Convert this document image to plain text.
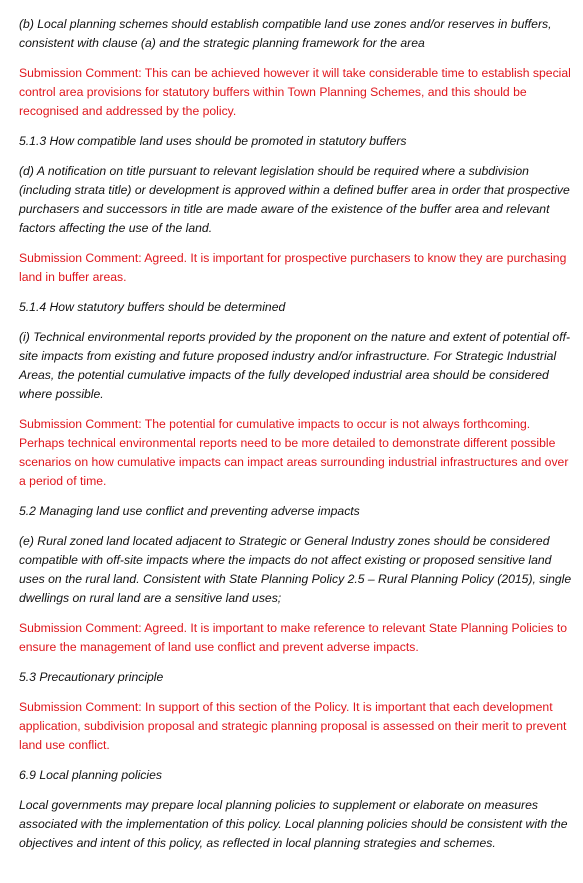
(b) Local planning schemes should establish compatible land use zones and/or reserves in buffers, consistent with clause (a) and the strategic planning framework for the area

Submission Comment: This can be achieved however it will take considerable time to establish special control area provisions for statutory buffers within Town Planning Schemes, and this should be recognised and addressed by the policy.

5.1.3 How compatible land uses should be promoted in statutory buffers

(d) A notification on title pursuant to relevant legislation should be required where a subdivision (including strata title) or development is approved within a defined buffer area in order that prospective purchasers and successors in title are made aware of the existence of the buffer area and relevant factors affecting the use of the land.

Submission Comment: Agreed. It is important for prospective purchasers to know they are purchasing land in buffer areas.

5.1.4 How statutory buffers should be determined

(i) Technical environmental reports provided by the proponent on the nature and extent of potential off-site impacts from existing and future proposed industry and/or infrastructure. For Strategic Industrial Areas, the potential cumulative impacts of the fully developed industrial area should be considered where possible.

Submission Comment: The potential for cumulative impacts to occur is not always forthcoming. Perhaps technical environmental reports need to be more detailed to demonstrate different possible scenarios on how cumulative impacts can impact areas surrounding industrial infrastructures and over a period of time.

5.2 Managing land use conflict and preventing adverse impacts

(e) Rural zoned land located adjacent to Strategic or General Industry zones should be considered compatible with off-site impacts where the impacts do not affect existing or proposed sensitive land uses on the rural land. Consistent with State Planning Policy 2.5 – Rural Planning Policy (2015), single dwellings on rural land are a sensitive land uses;

Submission Comment: Agreed. It is important to make reference to relevant State Planning Policies to ensure the management of land use conflict and prevent adverse impacts.

5.3 Precautionary principle

Submission Comment: In support of this section of the Policy. It is important that each development application, subdivision proposal and strategic planning proposal is assessed on their merit to prevent land use conflict.

6.9 Local planning policies

Local governments may prepare local planning policies to supplement or elaborate on measures associated with the implementation of this policy. Local planning policies should be consistent with the objectives and intent of this policy, as reflected in local planning strategies and schemes.
